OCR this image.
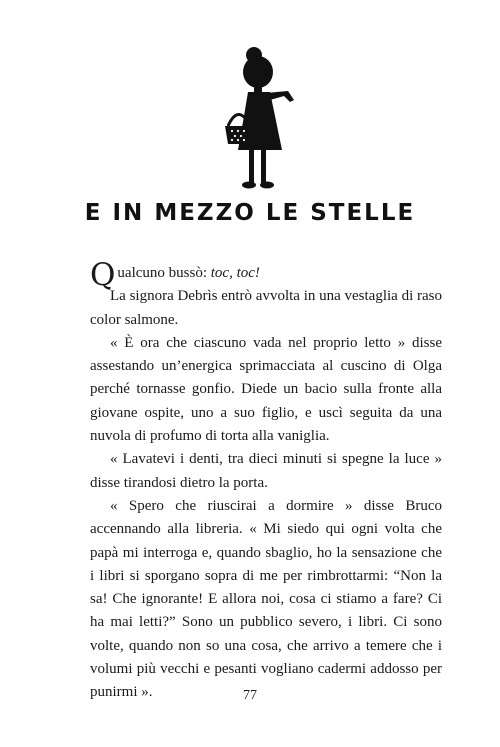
E IN MEZZO LE STELLE

Qualcuno bussò: toc, toc!

La signora Debrìs entrò avvolta in una vestaglia di raso color salmone.

« È ora che ciascuno vada nel proprio letto » disse assestando un’energica sprimacciata al cuscino di Olga perché tornasse gonfio. Diede un bacio sulla fronte alla giovane ospite, uno a suo figlio, e uscì seguita da una nuvola di profumo di torta alla vaniglia.

« Lavatevi i denti, tra dieci minuti si spegne la luce » disse tirandosi dietro la porta.

« Spero che riuscirai a dormire » disse Bruco accennando alla libreria. « Mi siedo qui ogni volta che papà mi interroga e, quando sbaglio, ho la sensazione che i libri si sporgano sopra di me per rimbrottarmi: “Non la sa! Che ignorante! E allora noi, cosa ci stiamo a fare? Ci ha mai letti?” Sono un pubblico severo, i libri. Ci sono volte, quando non so una cosa, che arrivo a temere che i volumi più vecchi e pesanti vogliano cadermi addosso per punirmi ».	77
